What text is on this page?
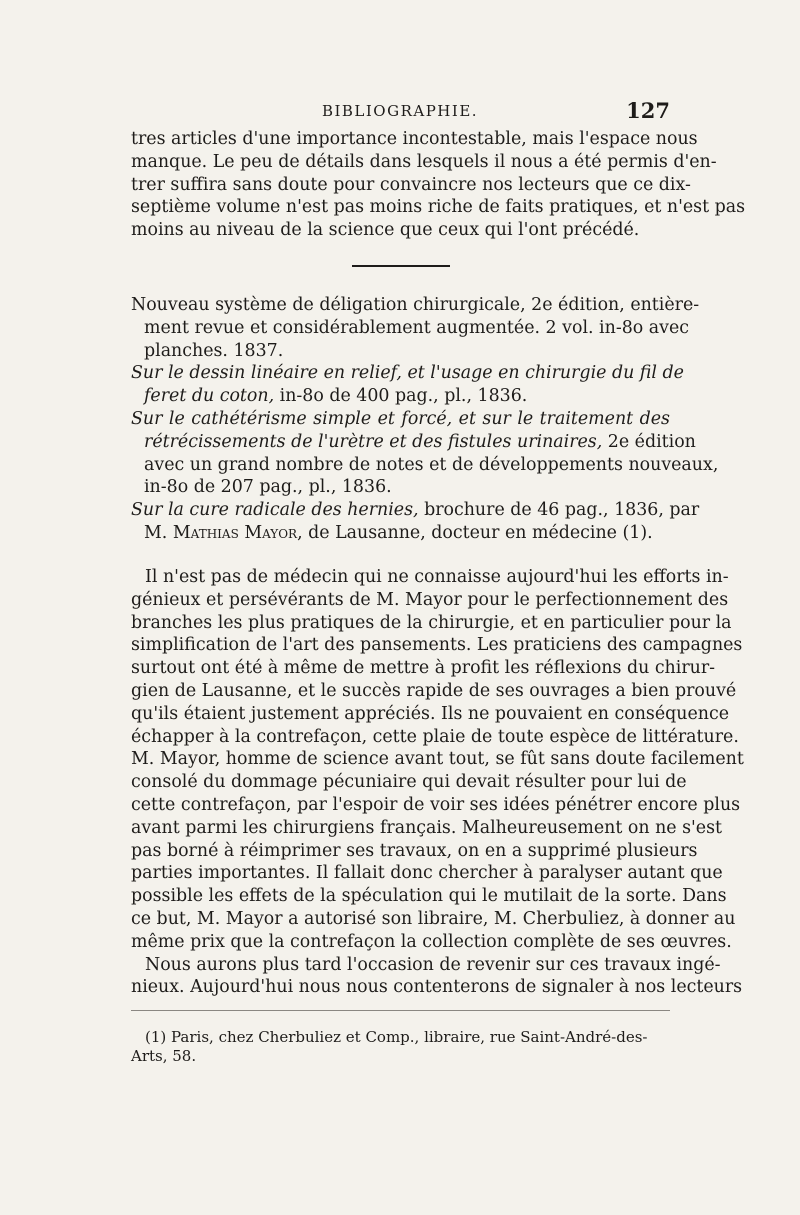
BIBLIOGRAPHIE.	127
tres articles d'une importance incontestable, mais l'espace nous
manque. Le peu de détails dans lesquels il nous a été permis d'en-
trer suffira sans doute pour convaincre nos lecteurs que ce dix-
septième volume n'est pas moins riche de faits pratiques, et n'est pas
moins au niveau de la science que ceux qui l'ont précédé.
Nouveau système de déligation chirurgicale, 2e édition, entière-
ment revue et considérablement augmentée. 2 vol. in-8o avec
planches. 1837.
Sur le dessin linéaire en relief, et l'usage en chirurgie du fil de
feret du coton, in-8o de 400 pag., pl., 1836.
Sur le cathétérisme simple et forcé, et sur le traitement des
rétrécissements de l'urètre et des fistules urinaires, 2e édition
avec un grand nombre de notes et de développements nouveaux,
in-8o de 207 pag., pl., 1836.
Sur la cure radicale des hernies, brochure de 46 pag., 1836, par
M. Mathias Mayor, de Lausanne, docteur en médecine (1).
Il n'est pas de médecin qui ne connaisse aujourd'hui les efforts in-
génieux et persévérants de M. Mayor pour le perfectionnement des
branches les plus pratiques de la chirurgie, et en particulier pour la
simplification de l'art des pansements. Les praticiens des campagnes
surtout ont été à même de mettre à profit les réflexions du chirur-
gien de Lausanne, et le succès rapide de ses ouvrages a bien prouvé
qu'ils étaient justement appréciés. Ils ne pouvaient en conséquence
échapper à la contrefaçon, cette plaie de toute espèce de littérature.
M. Mayor, homme de science avant tout, se fût sans doute facilement
consolé du dommage pécuniaire qui devait résulter pour lui de
cette contrefaçon, par l'espoir de voir ses idées pénétrer encore plus
avant parmi les chirurgiens français. Malheureusement on ne s'est
pas borné à réimprimer ses travaux, on en a supprimé plusieurs
parties importantes. Il fallait donc chercher à paralyser autant que
possible les effets de la spéculation qui le mutilait de la sorte. Dans
ce but, M. Mayor a autorisé son libraire, M. Cherbuliez, à donner au
même prix que la contrefaçon la collection complète de ses œuvres.
Nous aurons plus tard l'occasion de revenir sur ces travaux ingé-
nieux. Aujourd'hui nous nous contenterons de signaler à nos lecteurs
(1) Paris, chez Cherbuliez et Comp., libraire, rue Saint-André-des-
Arts, 58.
